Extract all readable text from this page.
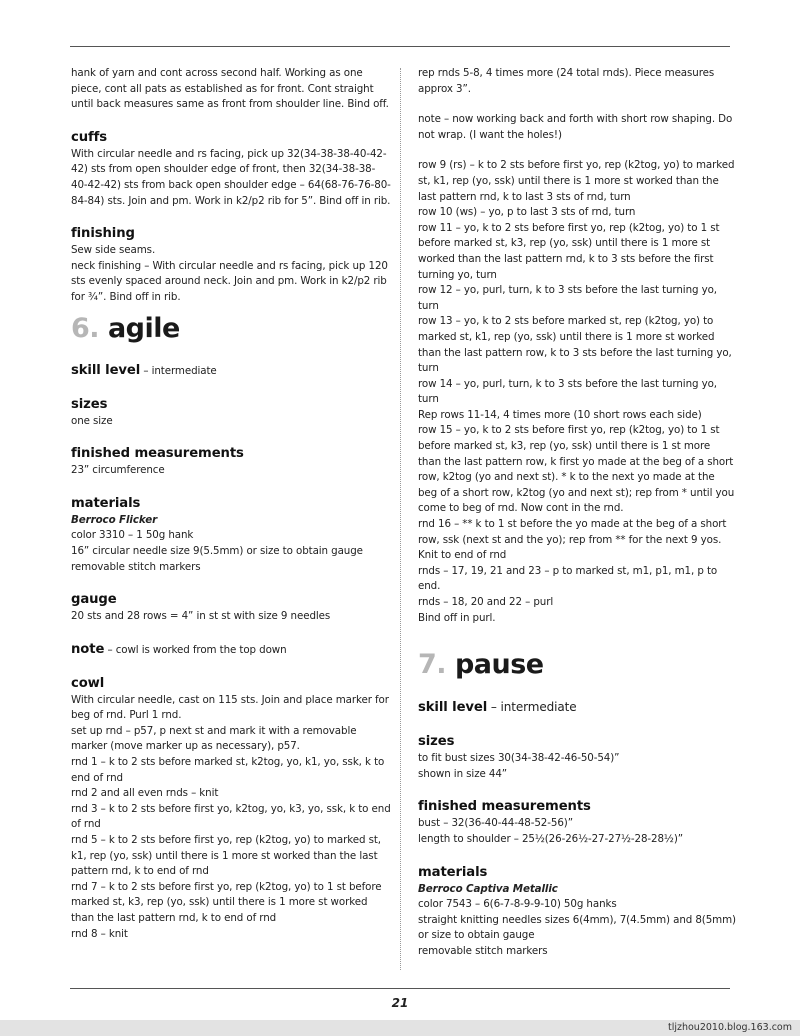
hank of yarn and cont across second half. Working as one piece, cont all pats as established as for front. Cont straight until back measures same as front from shoulder line. Bind off.

cuffs

With circular needle and rs facing, pick up 32(34-38-38-40-42-42) sts from open shoulder edge of front, then 32(34-38-38-40-42-42) sts from back open shoulder edge – 64(68-76-76-80-84-84) sts. Join and pm. Work in k2/p2 rib for 5”. Bind off in rib.

finishing

Sew side seams.

neck finishing – With circular needle and rs facing, pick up 120 sts evenly spaced around neck. Join and pm. Work in k2/p2 rib for ¾”. Bind off in rib.

6. agile
skill level – intermediate
sizes

one size

finished measurements

23” circumference

materials

Berroco Flicker

color 3310 – 1 50g hank

16” circular needle size 9(5.5mm) or size to obtain gauge

removable stitch markers

gauge

20 sts and 28 rows = 4” in st st with size 9 needles

note – cowl is worked from the top down
cowl

With circular needle, cast on 115 sts. Join and place marker for beg of rnd. Purl 1 rnd.

set up rnd – p57, p next st and mark it with a removable marker (move marker up as necessary), p57.

rnd 1 – k to 2 sts before marked st, k2tog, yo, k1, yo, ssk, k to end of rnd

rnd 2 and all even rnds – knit

rnd 3 – k to 2 sts before first yo, k2tog, yo, k3, yo, ssk, k to end of rnd

rnd 5 – k to 2 sts before first yo, rep (k2tog, yo) to marked st, k1, rep (yo, ssk) until there is 1 more st worked than the last pattern rnd, k to end of rnd

rnd 7 – k to 2 sts before first yo, rep (k2tog, yo) to 1 st before marked st, k3, rep (yo, ssk) until there is 1 more st worked than the last pattern rnd, k to end of rnd

rnd 8 – knit

rep rnds 5-8, 4 times more (24 total rnds). Piece measures approx 3”.

note – now working back and forth with short row shaping. Do not wrap. (I want the holes!)

row 9 (rs) – k to 2 sts before first yo, rep (k2tog, yo) to marked st, k1, rep (yo, ssk) until there is 1 more st worked than the last pattern rnd, k to last 3 sts of rnd, turn

row 10 (ws) – yo, p to last 3 sts of rnd, turn

row 11 – yo, k to 2 sts before first yo, rep (k2tog, yo) to 1 st before marked st, k3, rep (yo, ssk) until there is 1 more st worked than the last pattern rnd, k to 3 sts before the first turning yo, turn

row 12 – yo, purl, turn, k to 3 sts before the last turning yo, turn

row 13 – yo, k to 2 sts before marked st, rep (k2tog, yo) to marked st, k1, rep (yo, ssk) until there is 1 more st worked than the last pattern row, k to 3 sts before the last turning yo, turn

row 14 – yo, purl, turn, k to 3 sts before the last turning yo, turn

Rep rows 11-14, 4 times more (10 short rows each side)

row 15 – yo, k to 2 sts before first yo, rep (k2tog, yo) to 1 st before marked st, k3, rep (yo, ssk) until there is 1 st more than the last pattern row, k first yo made at the beg of a short row, k2tog (yo and next st). * k to the next yo made at the beg of a short row, k2tog (yo and next st); rep from * until you come to beg of rnd. Now cont in the rnd.

rnd 16 – ** k to 1 st before the yo made at the beg of a short row, ssk (next st and the yo); rep from ** for the next 9 yos. Knit to end of rnd

rnds – 17, 19, 21 and 23 – p to marked st, m1, p1, m1, p to end.

rnds – 18, 20 and 22 – purl

Bind off in purl.

7. pause
skill level – intermediate
sizes

to fit bust sizes 30(34-38-42-46-50-54)”

shown in size 44”

finished measurements

bust – 32(36-40-44-48-52-56)”

length to shoulder – 25½(26-26½-27-27½-28-28½)”

materials

Berroco Captiva Metallic

color 7543 – 6(6-7-8-9-9-10) 50g hanks

straight knitting needles sizes 6(4mm), 7(4.5mm) and 8(5mm) or size to obtain gauge

removable stitch markers

21
tljzhou2010.blog.163.com
